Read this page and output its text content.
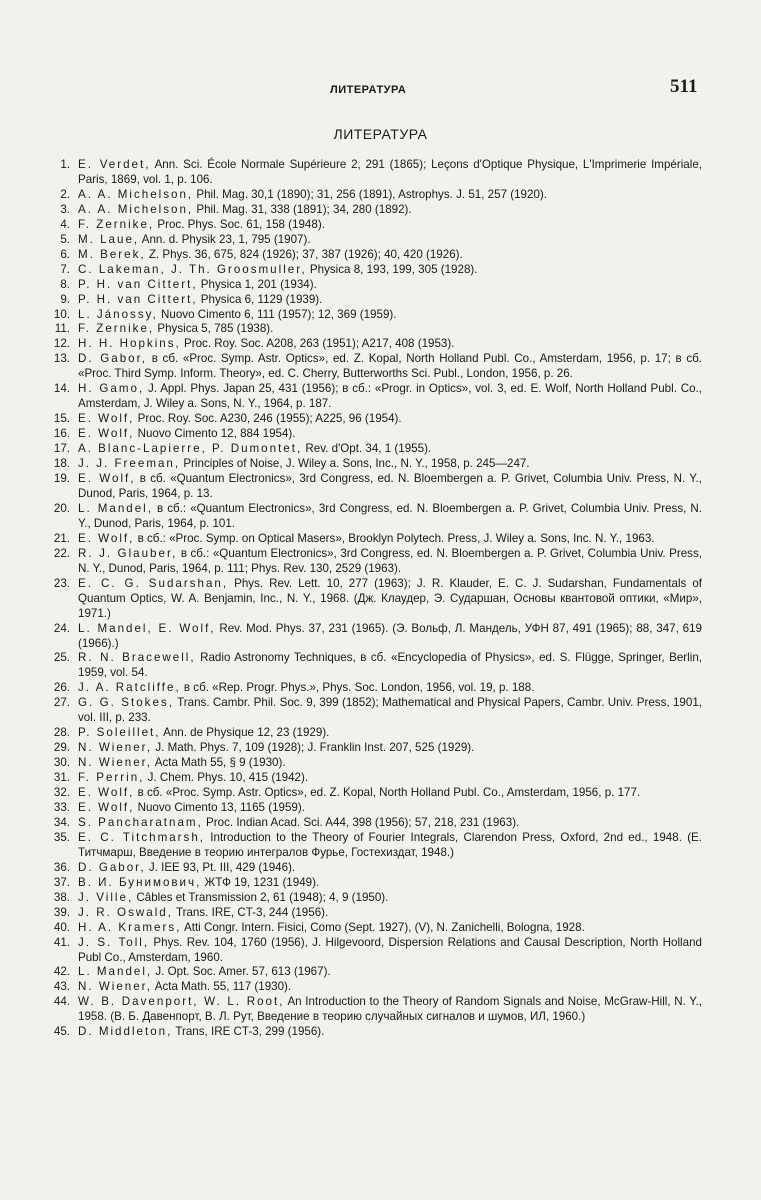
ЛИТЕРАТУРА	511
ЛИТЕРАТУРА
1. E. Verdet, Ann. Sci. École Normale Supérieure 2, 291 (1865); Leçons d'Optique Physique, L'Imprimerie Impériale, Paris, 1869, vol. 1, p. 106.
2. A. A. Michelson, Phil. Mag. 30,1 (1890); 31, 256 (1891), Astrophys. J. 51, 257 (1920).
3. A. A. Michelson, Phil. Mag. 31, 338 (1891); 34, 280 (1892).
4. F. Zernike, Proc. Phys. Soc. 61, 158 (1948).
5. M. Laue, Ann. d. Physik 23, 1, 795 (1907).
6. M. Berek, Z. Phys. 36, 675, 824 (1926); 37, 387 (1926); 40, 420 (1926).
7. C. Lakeman, J. Th. Groosmuller, Physica 8, 193, 199, 305 (1928).
8. P. H. van Cittert, Physica 1, 201 (1934).
9. P. H. van Cittert, Physica 6, 1129 (1939).
10. L. Jánossy, Nuovo Cimento 6, 111 (1957); 12, 369 (1959).
11. F. Zernike, Physica 5, 785 (1938).
12. H. H. Hopkins, Proc. Roy. Soc. A208, 263 (1951); A217, 408 (1953).
13. D. Gabor, в сб. «Proc. Symp. Astr. Optics», ed. Z. Kopal, North Holland Publ. Co., Amsterdam, 1956, p. 17; в сб. «Proc. Third Symp. Inform. Theory», ed. C. Cherry, Butterworths Sci. Publ., London, 1956, p. 26.
14. H. Gamo, J. Appl. Phys. Japan 25, 431 (1956); в сб.: «Progr. in Optics», vol. 3, ed. E. Wolf, North Holland Publ. Co., Amsterdam, J. Wiley a. Sons, N. Y., 1964, p. 187.
15. E. Wolf, Proc. Roy. Soc. A230, 246 (1955); A225, 96 (1954).
16. E. Wolf, Nuovo Cimento 12, 884 1954).
17. A. Blanc-Lapierre, P. Dumontet, Rev. d'Opt. 34, 1 (1955).
18. J. J. Freeman, Principles of Noise, J. Wiley a. Sons, Inc., N. Y., 1958, p. 245—247.
19. E. Wolf, в сб. «Quantum Electronics», 3rd Congress, ed. N. Bloembergen a. P. Grivet, Columbia Univ. Press, N. Y., Dunod, Paris, 1964, p. 13.
20. L. Mandel, в сб.: «Quantum Electronics», 3rd Congress, ed. N. Bloembergen a. P. Grivet, Columbia Univ. Press, N. Y., Dunod, Paris, 1964, p. 101.
21. E. Wolf, в сб.: «Proc. Symp. on Optical Masers», Brooklyn Polytech. Press, J. Wiley a. Sons, Inc. N. Y., 1963.
22. R. J. Glauber, в сб.: «Quantum Electronics», 3rd Congress, ed. N. Bloembergen a. P. Grivet, Columbia Univ. Press, N. Y., Dunod, Paris, 1964, p. 111; Phys. Rev. 130, 2529 (1963).
23. E. C. G. Sudarshan, Phys. Rev. Lett. 10, 277 (1963); J. R. Klauder, E. C. J. Sudarshan, Fundamentals of Quantum Optics, W. A. Benjamin, Inc., N. Y., 1968. (Дж. Клаудер, Э. Сударшан, Основы квантовой оптики, «Мир», 1971.)
24. L. Mandel, E. Wolf, Rev. Mod. Phys. 37, 231 (1965). (Э. Вольф, Л. Мандель, УФН 87, 491 (1965); 88, 347, 619 (1966).)
25. R. N. Bracewell, Radio Astronomy Techniques, в сб. «Encyclopedia of Physics», ed. S. Flügge, Springer, Berlin, 1959, vol. 54.
26. J. A. Ratcliffe, в сб. «Rep. Progr. Phys.», Phys. Soc. London, 1956, vol. 19, p. 188.
27. G. G. Stokes, Trans. Cambr. Phil. Soc. 9, 399 (1852); Mathematical and Physical Papers, Cambr. Univ. Press, 1901, vol. III, p. 233.
28. P. Soleillet, Ann. de Physique 12, 23 (1929).
29. N. Wiener, J. Math. Phys. 7, 109 (1928); J. Franklin Inst. 207, 525 (1929).
30. N. Wiener, Acta Math 55, § 9 (1930).
31. F. Perrin, J. Chem. Phys. 10, 415 (1942).
32. E. Wolf, в сб. «Proc. Symp. Astr. Optics», ed. Z. Kopal, North Holland Publ. Co., Amsterdam, 1956, p. 177.
33. E. Wolf, Nuovo Cimento 13, 1165 (1959).
34. S. Pancharatnam, Proc. Indian Acad. Sci. A44, 398 (1956); 57, 218, 231 (1963).
35. E. C. Titchmarsh, Introduction to the Theory of Fourier Integrals, Clarendon Press, Oxford, 2nd ed., 1948. (Е. Титчмарш, Введение в теорию интегралов Фурье, Гостехиздат, 1948.)
36. D. Gabor, J. IEE 93, Pt. III, 429 (1946).
37. В. И. Бунимович, ЖТФ 19, 1231 (1949).
38. J. Ville, Câbles et Transmission 2, 61 (1948); 4, 9 (1950).
39. J. R. Oswald, Trans. IRE, CT-3, 244 (1956).
40. H. A. Kramers, Atti Congr. Intern. Fisici, Como (Sept. 1927), (V), N. Zanichelli, Bologna, 1928.
41. J. S. Toll, Phys. Rev. 104, 1760 (1956), J. Hilgevoord, Dispersion Relations and Causal Description, North Holland Publ Co., Amsterdam, 1960.
42. L. Mandel, J. Opt. Soc. Amer. 57, 613 (1967).
43. N. Wiener, Acta Math. 55, 117 (1930).
44. W. B. Davenport, W. L. Root, An Introduction to the Theory of Random Signals and Noise, McGraw-Hill, N. Y., 1958. (В. Б. Давенпорт, В. Л. Рут, Введение в теорию случайных сигналов и шумов, ИЛ, 1960.)
45. D. Middleton, Trans, IRE CT-3, 299 (1956).
